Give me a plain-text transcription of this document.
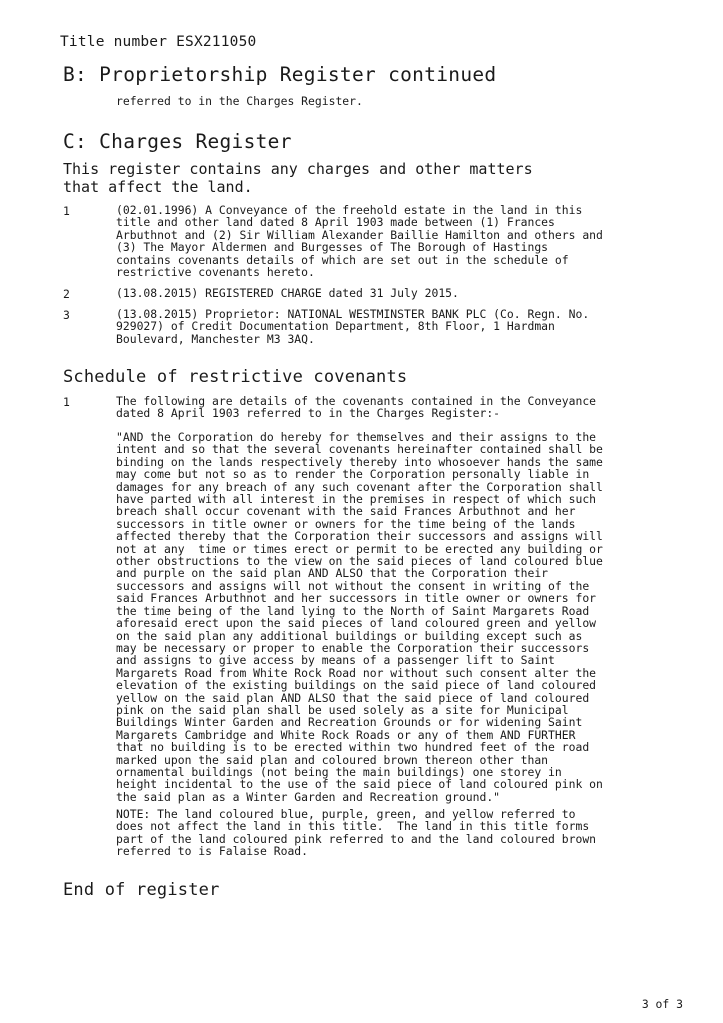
Title number ESX211050
B: Proprietorship Register continued
referred to in the Charges Register.
C: Charges Register
This register contains any charges and other matters
that affect the land.
1	(02.01.1996) A Conveyance of the freehold estate in the land in this
title and other land dated 8 April 1903 made between (1) Frances
Arbuthnot and (2) Sir William Alexander Baillie Hamilton and others and
(3) The Mayor Aldermen and Burgesses of The Borough of Hastings
contains covenants details of which are set out in the schedule of
restrictive covenants hereto.
2	(13.08.2015) REGISTERED CHARGE dated 31 July 2015.
3	(13.08.2015) Proprietor: NATIONAL WESTMINSTER BANK PLC (Co. Regn. No.
929027) of Credit Documentation Department, 8th Floor, 1 Hardman
Boulevard, Manchester M3 3AQ.
Schedule of restrictive covenants
1	The following are details of the covenants contained in the Conveyance
dated 8 April 1903 referred to in the Charges Register:-
"AND the Corporation do hereby for themselves and their assigns to the
intent and so that the several covenants hereinafter contained shall be
binding on the lands respectively thereby into whosoever hands the same
may come but not so as to render the Corporation personally liable in
damages for any breach of any such covenant after the Corporation shall
have parted with all interest in the premises in respect of which such
breach shall occur covenant with the said Frances Arbuthnot and her
successors in title owner or owners for the time being of the lands
affected thereby that the Corporation their successors and assigns will
not at any  time or times erect or permit to be erected any building or
other obstructions to the view on the said pieces of land coloured blue
and purple on the said plan AND ALSO that the Corporation their
successors and assigns will not without the consent in writing of the
said Frances Arbuthnot and her successors in title owner or owners for
the time being of the land lying to the North of Saint Margarets Road
aforesaid erect upon the said pieces of land coloured green and yellow
on the said plan any additional buildings or building except such as
may be necessary or proper to enable the Corporation their successors
and assigns to give access by means of a passenger lift to Saint
Margarets Road from White Rock Road nor without such consent alter the
elevation of the existing buildings on the said piece of land coloured
yellow on the said plan AND ALSO that the said piece of land coloured
pink on the said plan shall be used solely as a site for Municipal
Buildings Winter Garden and Recreation Grounds or for widening Saint
Margarets Cambridge and White Rock Roads or any of them AND FURTHER
that no building is to be erected within two hundred feet of the road
marked upon the said plan and coloured brown thereon other than
ornamental buildings (not being the main buildings) one storey in
height incidental to the use of the said piece of land coloured pink on
the said plan as a Winter Garden and Recreation ground."
NOTE: The land coloured blue, purple, green, and yellow referred to
does not affect the land in this title.  The land in this title forms
part of the land coloured pink referred to and the land coloured brown
referred to is Falaise Road.
End of register
3 of 3
